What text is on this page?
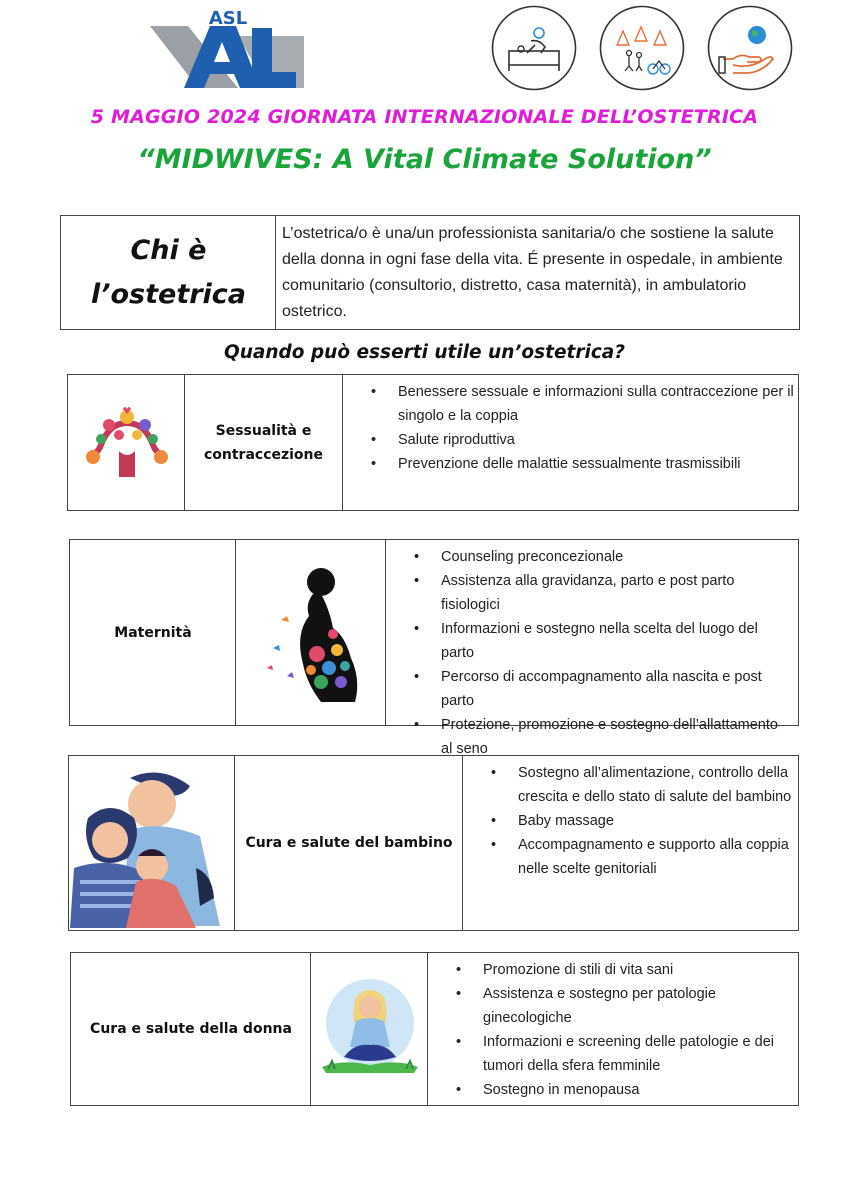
ASL
5 MAGGIO 2024 GIORNATA INTERNAZIONALE DELL’OSTETRICA
“MIDWIVES: A Vital Climate Solution”
Chi è
l’ostetrica
L’ostetrica/o è una/un professionista sanitaria/o che sostiene la salute della donna in ogni fase della vita. É presente in ospedale, in ambiente comunitario (consultorio, distretto, casa maternità), in ambulatorio ostetrico.
Quando può esserti utile un’ostetrica?
Sessualità e
contraccezione
• Benessere sessuale e informazioni sulla contraccezione per il singolo e la coppia
• Salute riproduttiva
• Prevenzione delle malattie sessualmente trasmissibili
Maternità
• Counseling preconcezionale
• Assistenza alla gravidanza, parto e post parto fisiologici
• Informazioni e sostegno nella scelta del luogo del parto
• Percorso di accompagnamento alla nascita e post parto
• Protezione, promozione e sostegno dell’allattamento al seno
Cura e salute del bambino
• Sostegno all’alimentazione, controllo della crescita e dello stato di salute del bambino
• Baby massage
• Accompagnamento e supporto alla coppia nelle scelte genitoriali
Cura e salute della donna
• Promozione di stili di vita sani
• Assistenza e sostegno per patologie ginecologiche
• Informazioni e screening delle patologie e dei tumori della sfera femminile
• Sostegno in menopausa
